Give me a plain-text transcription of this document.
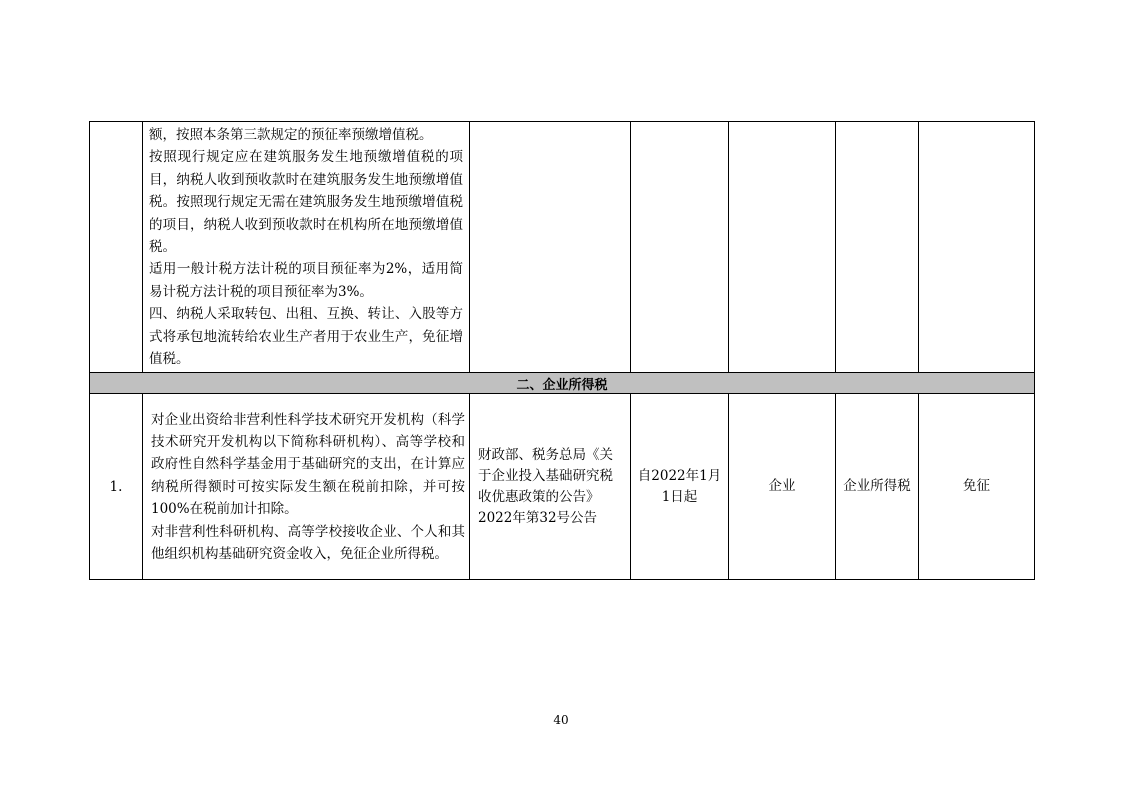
	额，按照本条第三款规定的预征率预缴增值税。

按照现行规定应在建筑服务发生地预缴增值税的项目，纳税人收到预收款时在建筑服务发生地预缴增值税。按照现行规定无需在建筑服务发生地预缴增值税的项目，纳税人收到预收款时在机构所在地预缴增值税。

适用一般计税方法计税的项目预征率为2%，适用简易计税方法计税的项目预征率为3%。

四、纳税人采取转包、出租、互换、转让、入股等方式将承包地流转给农业生产者用于农业生产，免征增值税。					

二、企业所得税						
1.	对企业出资给非营利性科学技术研究开发机构（科学技术研究开发机构以下简称科研机构）、高等学校和政府性自然科学基金用于基础研究的支出，在计算应纳税所得额时可按实际发生额在税前扣除，并可按100%在税前加计扣除。

对非营利性科研机构、高等学校接收企业、个人和其他组织机构基础研究资金收入，免征企业所得税。	财政部、税务总局《关于企业投入基础研究税收优惠政策的公告》2022年第32号公告	自2022年1月1日起	企业	企业所得税	免征
40
